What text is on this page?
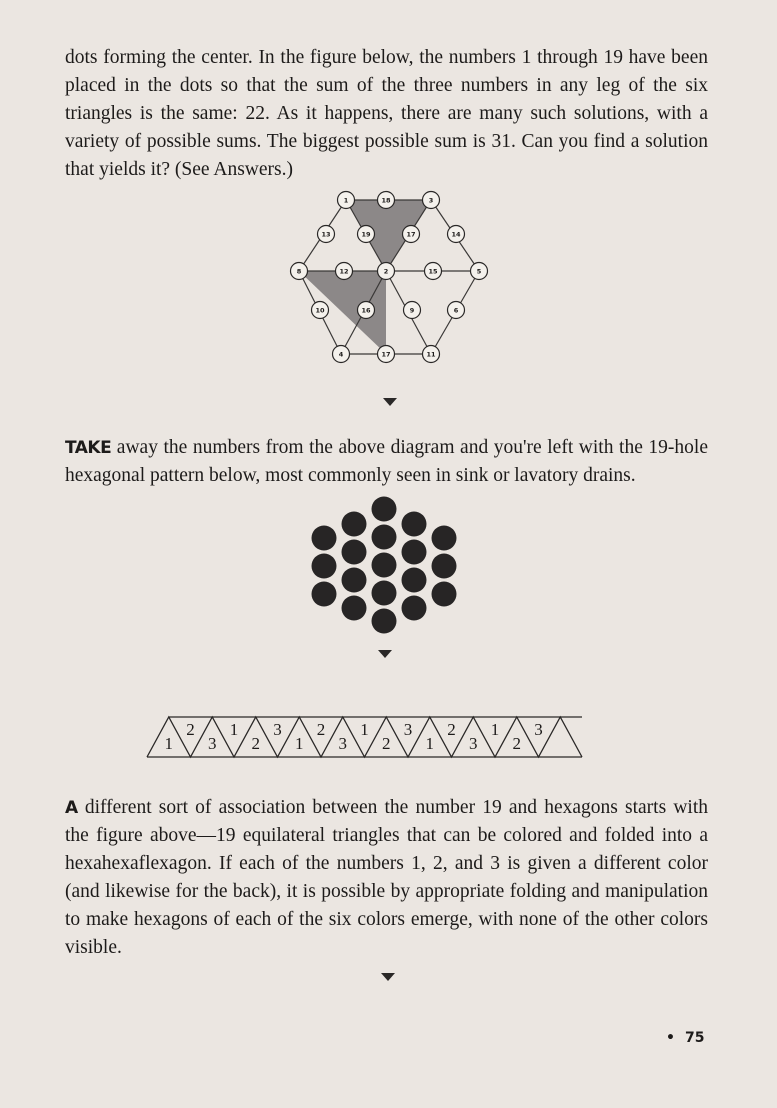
dots forming the center. In the figure below, the numbers 1 through 19 have been placed in the dots so that the sum of the three numbers in any leg of the six triangles is the same: 22. As it happens, there are many such solutions, with a variety of possible sums. The biggest possible sum is 31. Can you find a solution that yields it? (See Answers.)

1	18	3
13	19	17	14
8	12	2	15	5
10	16	9	6
4	17	11

TAKE away the numbers from the above diagram and you're left with the 19-hole hexagonal pattern below, most commonly seen in sink or lavatory drains.

1
2
3
1
2
3
1
2
3
1
2
3
1
2
3
1
2
3

A different sort of association between the number 19 and hexagons starts with the figure above—19 equilateral triangles that can be colored and folded into a hexahexaflexagon. If each of the numbers 1, 2, and 3 is given a different color (and likewise for the back), it is possible by appropriate folding and manipulation to make hexagons of each of the six colors emerge, with none of the other colors visible.

• 75
